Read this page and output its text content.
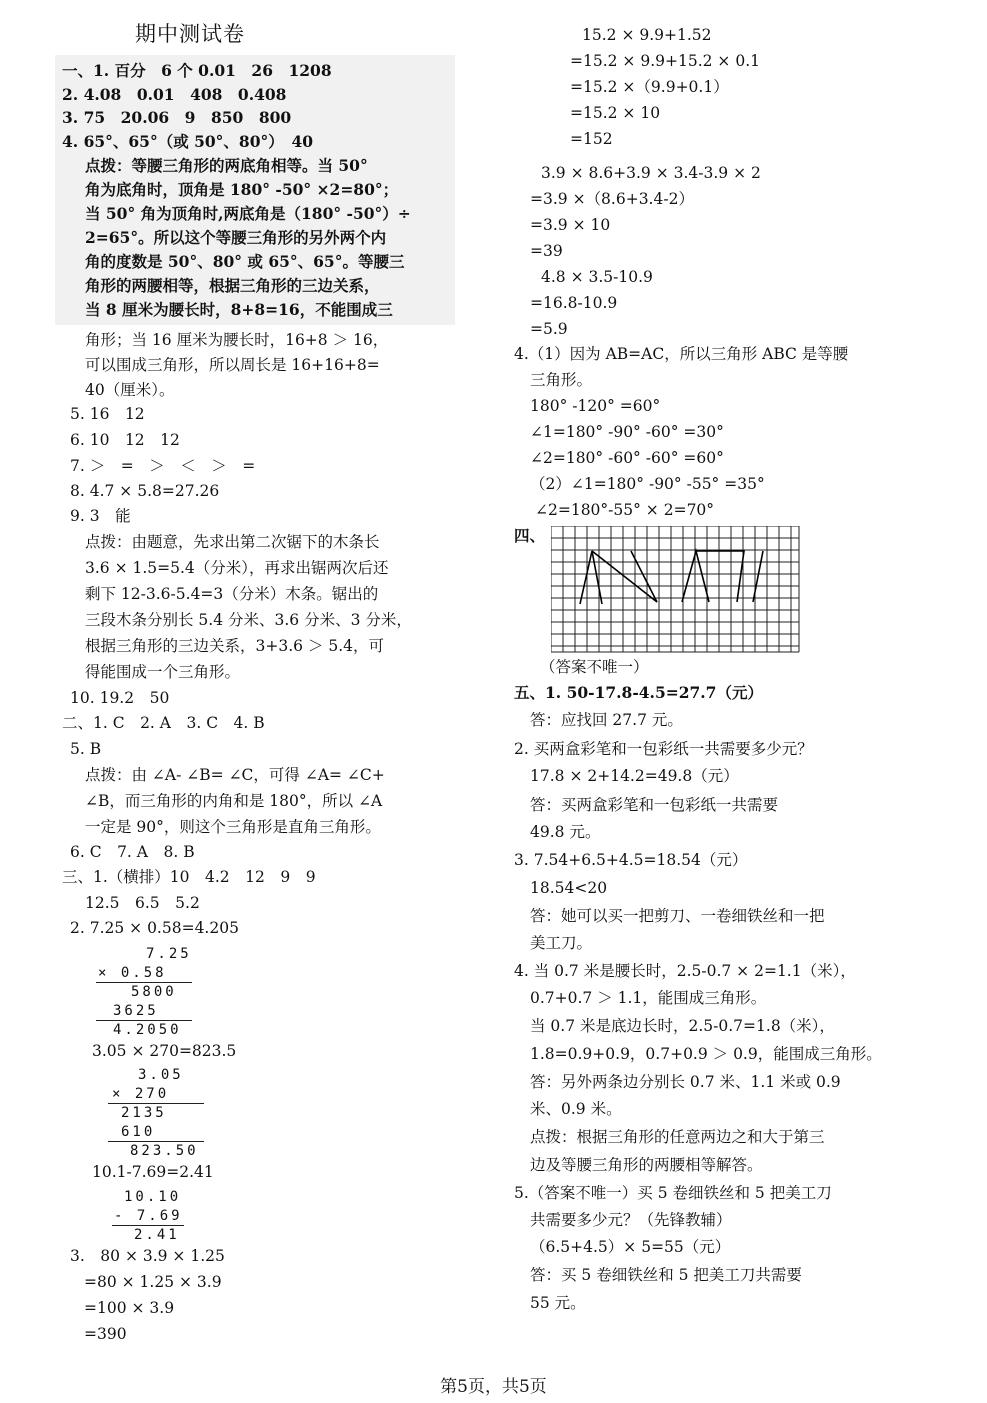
期中测试卷
一、1. 百分　6 个 0.01　26　1208
2. 4.08　0.01　408　0.408
3. 75　20.06　9　850　800
4. 65°、65°（或 50°、80°）　40
点拨：等腰三角形的两底角相等。当 50°
角为底角时，顶角是 180° -50° ×2=80°；
当 50° 角为顶角时,两底角是（180° -50°）÷
2=65°。所以这个等腰三角形的另外两个内
角的度数是 50°、80° 或 65°、65°。等腰三
角形的两腰相等，根据三角形的三边关系，
当 8 厘米为腰长时，8+8=16，不能围成三
角形；当 16 厘米为腰长时，16+8 ＞ 16，
可以围成三角形，所以周长是 16+16+8=
40（厘米）。
5. 16　12
6. 10　12　12
7. ＞　=　＞　＜　＞　=
8. 4.7 × 5.8=27.26
9. 3　能
点拨：由题意，先求出第二次锯下的木条长
3.6 × 1.5=5.4（分米），再求出锯两次后还
剩下 12-3.6-5.4=3（分米）木条。锯出的
三段木条分别长 5.4 分米、3.6 分米、3 分米，
根据三角形的三边关系，3+3.6 ＞ 5.4，可
得能围成一个三角形。
10. 19.2　50
二、1. C　2. A　3. C　4. B
5. B
点拨：由 ∠A- ∠B= ∠C，可得 ∠A= ∠C+
∠B，而三角形的内角和是 180°，所以 ∠A
一定是 90°，则这个三角形是直角三角形。
6. C　7. A　8. B
三、1.（横排）10　4.2　12　9　9
12.5　6.5　5.2
2. 7.25 × 0.58=4.205
7.25
× 0.58
5800
3625
4.2050
3.05 × 270=823.5
3.05
× 270
2135
610
823.50
10.1-7.69=2.41
10.10
- 7.69
2.41
3.　80 × 3.9 × 1.25
=80 × 1.25 × 3.9
=100 × 3.9
=390
15.2 × 9.9+1.52
=15.2 × 9.9+15.2 × 0.1
=15.2 ×（9.9+0.1）
=15.2 × 10
=152
3.9 × 8.6+3.9 × 3.4-3.9 × 2
=3.9 ×（8.6+3.4-2）
=3.9 × 10
=39
4.8 × 3.5-10.9
=16.8-10.9
=5.9
4.（1）因为 AB=AC，所以三角形 ABC 是等腰
三角形。
180° -120° =60°
∠1=180° -90° -60° =30°
∠2=180° -60° -60° =60°
（2）∠1=180° -90° -55° =35°
∠2=180°-55° × 2=70°
四、
（答案不唯一）
五、1. 50-17.8-4.5=27.7（元）
答：应找回 27.7 元。
2. 买两盒彩笔和一包彩纸一共需要多少元？
17.8 × 2+14.2=49.8（元）
答：买两盒彩笔和一包彩纸一共需要
49.8 元。
3. 7.54+6.5+4.5=18.54（元）
18.54<20
答：她可以买一把剪刀、一卷细铁丝和一把
美工刀。
4. 当 0.7 米是腰长时，2.5-0.7 × 2=1.1（米），
0.7+0.7 ＞ 1.1，能围成三角形。
当 0.7 米是底边长时，2.5-0.7=1.8（米），
1.8=0.9+0.9，0.7+0.9 ＞ 0.9，能围成三角形。
答：另外两条边分别长 0.7 米、1.1 米或 0.9
米、0.9 米。
点拨：根据三角形的任意两边之和大于第三
边及等腰三角形的两腰相等解答。
5.（答案不唯一）买 5 卷细铁丝和 5 把美工刀
共需要多少元？（先锋教辅）
（6.5+4.5）× 5=55（元）
答：买 5 卷细铁丝和 5 把美工刀共需要
55 元。
第5页，共5页
